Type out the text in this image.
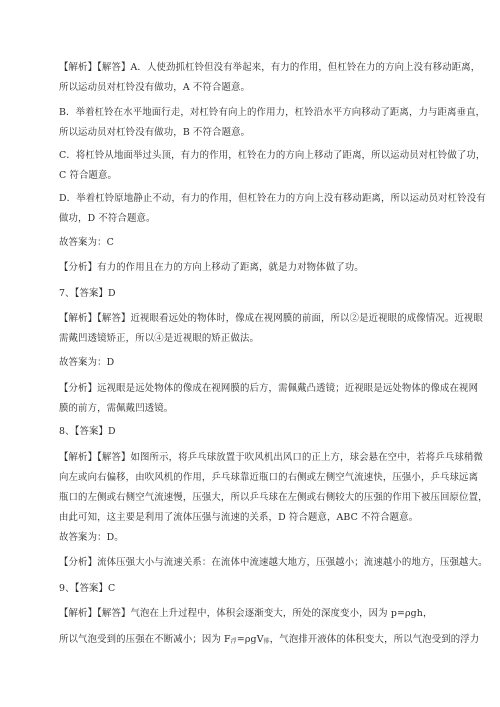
【解析】【解答】A．人使劲抓杠铃但没有举起来，有力的作用，但杠铃在力的方向上没有移动距离，
所以运动员对杠铃没有做功，A 不符合题意。
B．举着杠铃在水平地面行走，对杠铃有向上的作用力，杠铃沿水平方向移动了距离，力与距离垂直，
所以运动员对杠铃没有做功，B 不符合题意。
C．将杠铃从地面举过头顶，有力的作用，杠铃在力的方向上移动了距离，所以运动员对杠铃做了功，
C 符合题意。
D．举着杠铃原地静止不动，有力的作用，但杠铃在力的方向上没有移动距离，所以运动员对杠铃没有
做功，D 不符合题意。
故答案为：C
【分析】有力的作用且在力的方向上移动了距离，就是力对物体做了功。
7、【答案】D
【解析】【解答】近视眼看远处的物体时，像成在视网膜的前面，所以②是近视眼的成像情况。近视眼
需戴凹透镜矫正，所以④是近视眼的矫正做法。
故答案为：D
【分析】远视眼是远处物体的像成在视网膜的后方，需佩戴凸透镜；近视眼是远处物体的像成在视网
膜的前方，需佩戴凹透镜。
8、【答案】D
【解析】【解答】如图所示，将乒乓球放置于吹风机出风口的正上方，球会悬在空中，若将乒乓球稍微
向左或向右偏移，由吹风机的作用，乒乓球靠近瓶口的右侧或左侧空气流速快，压强小，乒乓球远离
瓶口的左侧或右侧空气流速慢，压强大，所以乒乓球在左侧或右侧较大的压强的作用下被压回原位置，
由此可知，这主要是利用了流体压强与流速的关系，D 符合题意，ABC 不符合题意。
故答案为：D。
【分析】流体压强大小与流速关系：在流体中流速越大地方，压强越小；流速越小的地方，压强越大。
9、【答案】C
【解析】【解答】气泡在上升过程中，体积会逐渐变大，所处的深度变小，因为 p=ρgh，
所以气泡受到的压强在不断减小；因为 F浮=ρgV排，气泡排开液体的体积变大，所以气泡受到的浮力
